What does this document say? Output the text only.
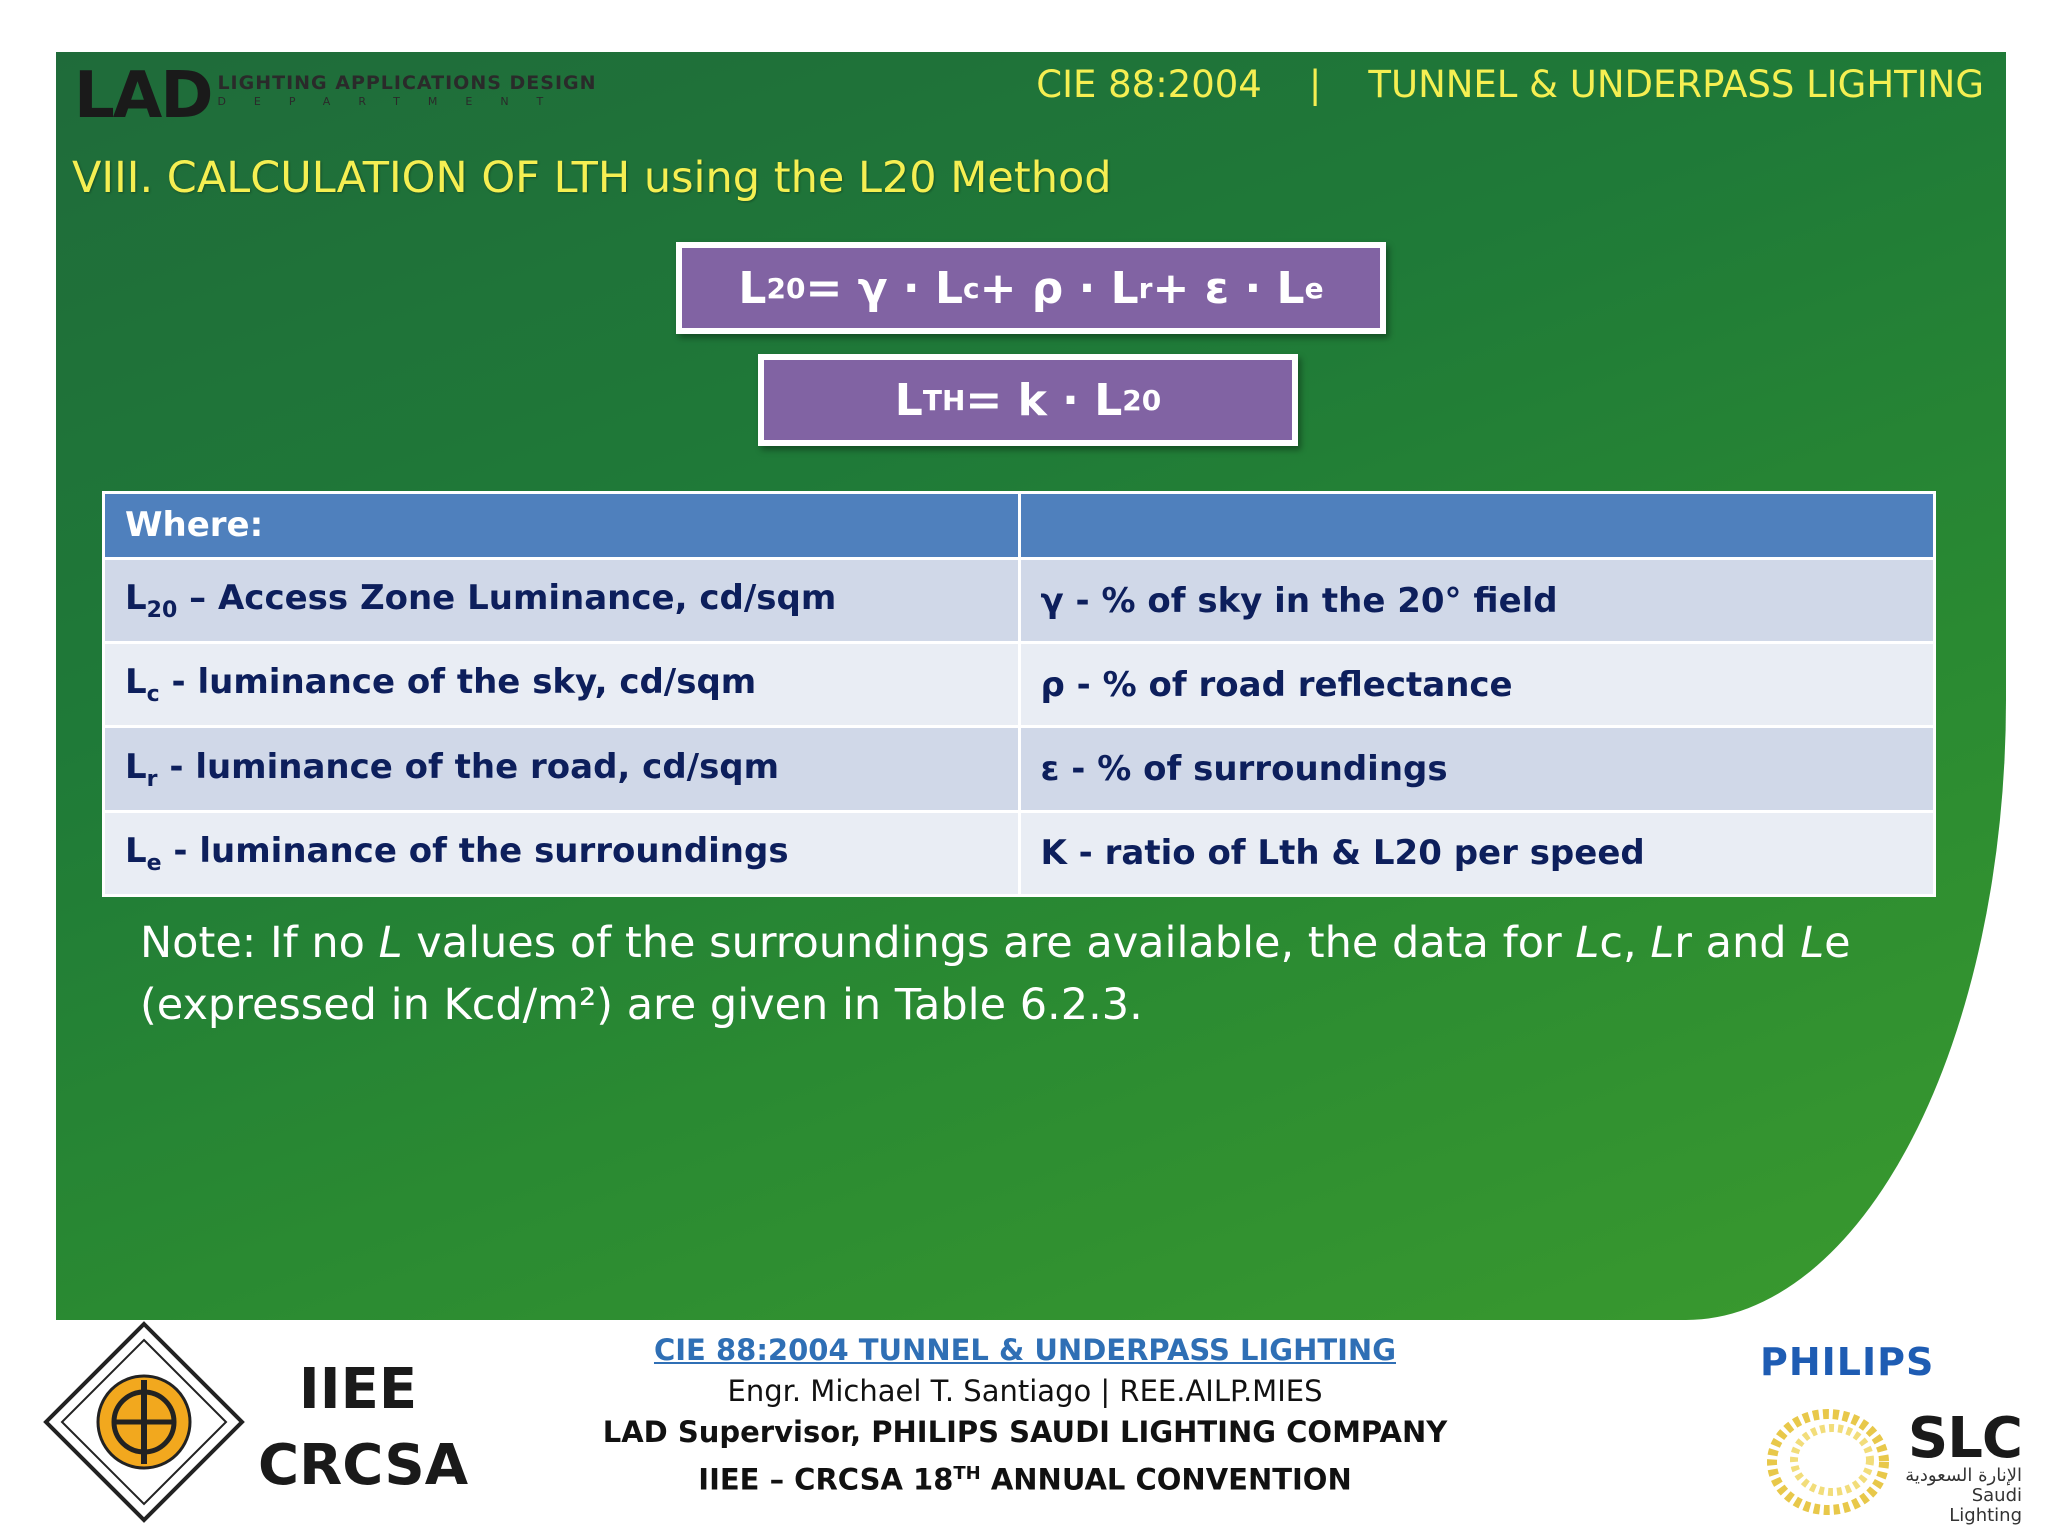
LAD LIGHTING APPLICATIONS DESIGN
DEPARTMENT	CIE 88:2004    |    TUNNEL & UNDERPASS LIGHTING
VIII. CALCULATION OF LTH using the L20 Method
L 20 = γ · L c + ρ · L r + ε · L e
L TH = k · L 20
Where:	
$L_{20}$ – Access Zone Luminance, cd/sqm	γ - % of sky in the 20° field
$L_c$ - luminance of the sky, cd/sqm	ρ - % of road reflectance
$L_r$ - luminance of the road, cd/sqm	ε - % of surroundings
$L_e$ - luminance of the surroundings	K - ratio of Lth & L20 per speed
Note: If no L values of the surroundings are available, the data for Lc, Lr and Le (expressed in Kcd/m²) are given in Table 6.2.3.
IIEE
CRCSA
CIE 88:2004 TUNNEL & UNDERPASS LIGHTING
Engr. Michael T. Santiago | REE.AILP.MIES
LAD Supervisor, PHILIPS SAUDI LIGHTING COMPANY
IIEE – CRCSA 18TH ANNUAL CONVENTION
PHILIPS
SLC
الإنارة السعودية
Saudi Lighting
